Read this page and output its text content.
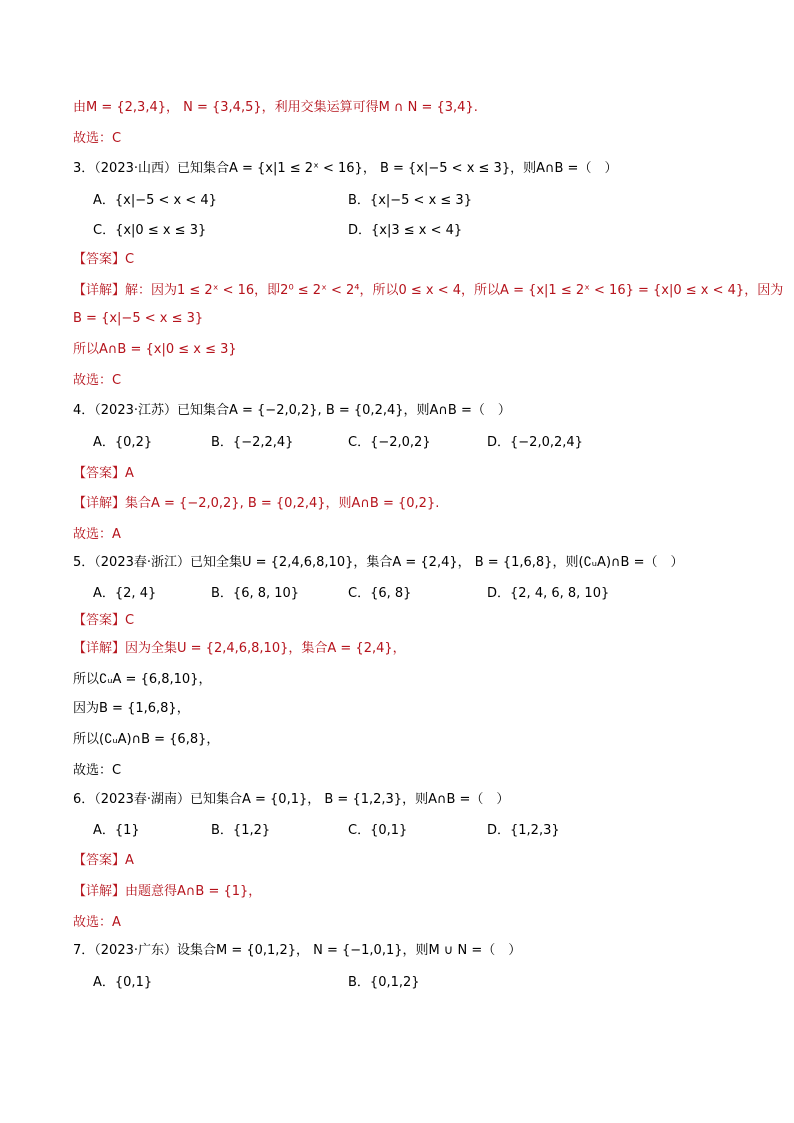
由M = {2,3,4}， N = {3,4,5}，利用交集运算可得M ∩ N = {3,4}.
故选：C
3．（2023·山西）已知集合A = {x|1 ≤ 2ˣ < 16}， B = {x|−5 < x ≤ 3}，则A∩B =（　）
A．{x|−5 < x < 4}	B．{x|−5 < x ≤ 3}
C．{x|0 ≤ x ≤ 3}	D．{x|3 ≤ x < 4}
【答案】C
【详解】解：因为1 ≤ 2ˣ < 16，即2⁰ ≤ 2ˣ < 2⁴，所以0 ≤ x < 4，所以A = {x|1 ≤ 2ˣ < 16} = {x|0 ≤ x < 4}，因为
B = {x|−5 < x ≤ 3}
所以A∩B = {x|0 ≤ x ≤ 3}
故选：C
4．（2023·江苏）已知集合A = {−2,0,2}, B = {0,2,4}，则A∩B =（　）
A．{0,2}	B．{−2,2,4}	C．{−2,0,2}	D．{−2,0,2,4}
【答案】A
【详解】集合A = {−2,0,2}, B = {0,2,4}，则A∩B = {0,2}.
故选：A
5．（2023春·浙江）已知全集U = {2,4,6,8,10}，集合A = {2,4}， B = {1,6,8}，则(∁ᵤA)∩B =（　）
A．{2, 4}	B．{6, 8, 10}	C．{6, 8}	D．{2, 4, 6, 8, 10}
【答案】C
【详解】因为全集U = {2,4,6,8,10}，集合A = {2,4}，
所以∁ᵤA = {6,8,10}，
因为B = {1,6,8}，
所以(∁ᵤA)∩B = {6,8}，
故选：C
6．（2023春·湖南）已知集合A = {0,1}， B = {1,2,3}，则A∩B =（　）
A．{1}	B．{1,2}	C．{0,1}	D．{1,2,3}
【答案】A
【详解】由题意得A∩B = {1}，
故选：A
7．（2023·广东）设集合M = {0,1,2}， N = {−1,0,1}，则M ∪ N =（　）
A．{0,1}	B．{0,1,2}
